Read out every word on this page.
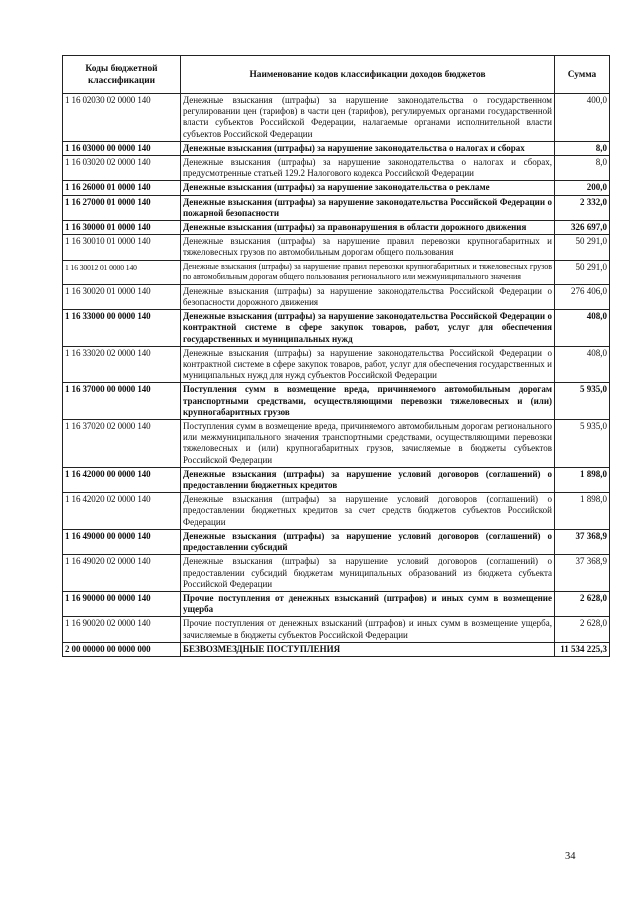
Коды бюджетной классификации	Наименование кодов классификации доходов бюджетов	Сумма
1 16 02030 02 0000 140	Денежные взыскания (штрафы) за нарушение законодательства о государственном регулировании цен (тарифов) в части цен (тарифов), регулируемых органами государственной власти субъектов Российской Федерации, налагаемые органами исполнительной власти субъектов Российской Федерации	400,0
1 16 03000 00 0000 140	Денежные взыскания (штрафы) за нарушение законодательства о налогах и сборах	8,0
1 16 03020 02 0000 140	Денежные взыскания (штрафы) за нарушение законодательства о налогах и сборах, предусмотренные статьей 129.2 Налогового кодекса Российской Федерации	8,0
1 16 26000 01 0000 140	Денежные взыскания (штрафы) за нарушение законодательства о рекламе	200,0
1 16 27000 01 0000 140	Денежные взыскания (штрафы) за нарушение законодательства Российской Федерации о пожарной безопасности	2 332,0
1 16 30000 01 0000 140	Денежные взыскания (штрафы) за правонарушения в области дорожного движения	326 697,0
1 16 30010 01 0000 140	Денежные взыскания (штрафы) за нарушение правил перевозки крупногабаритных и тяжеловесных грузов по автомобильным дорогам общего пользования	50 291,0
1 16 30012 01 0000 140	Денежные взыскания (штрафы) за нарушение правил перевозки крупногабаритных и тяжеловесных грузов по автомобильным дорогам общего пользования регионального или межмуниципального значения	50 291,0
1 16 30020 01 0000 140	Денежные взыскания (штрафы) за нарушение законодательства Российской Федерации о безопасности дорожного движения	276 406,0
1 16 33000 00 0000 140	Денежные взыскания (штрафы) за нарушение законодательства Российской Федерации о контрактной системе в сфере закупок товаров, работ, услуг для обеспечения государственных и муниципальных нужд	408,0
1 16 33020 02 0000 140	Денежные взыскания (штрафы) за нарушение законодательства Российской Федерации о контрактной системе в сфере закупок товаров, работ, услуг для обеспечения государственных и муниципальных нужд для нужд субъектов Российской Федерации	408,0
1 16 37000 00 0000 140	Поступления сумм в возмещение вреда, причиняемого автомобильным дорогам транспортными средствами, осуществляющими перевозки тяжеловесных и (или) крупногабаритных грузов	5 935,0
1 16 37020 02 0000 140	Поступления сумм в возмещение вреда, причиняемого автомобильным дорогам регионального или межмуниципального значения транспортными средствами, осуществляющими перевозки тяжеловесных и (или) крупногабаритных грузов, зачисляемые в бюджеты субъектов Российской Федерации	5 935,0
1 16 42000 00 0000 140	Денежные взыскания (штрафы) за нарушение условий договоров (соглашений) о предоставлении бюджетных кредитов	1 898,0
1 16 42020 02 0000 140	Денежные взыскания (штрафы) за нарушение условий договоров (соглашений) о предоставлении бюджетных кредитов за счет средств бюджетов субъектов Российской Федерации	1 898,0
1 16 49000 00 0000 140	Денежные взыскания (штрафы) за нарушение условий договоров (соглашений) о предоставлении субсидий	37 368,9
1 16 49020 02 0000 140	Денежные взыскания (штрафы) за нарушение условий договоров (соглашений) о предоставлении субсидий бюджетам муниципальных образований из бюджета субъекта Российской Федерации	37 368,9
1 16 90000 00 0000 140	Прочие поступления от денежных взысканий (штрафов) и иных сумм в возмещение ущерба	2 628,0
1 16 90020 02 0000 140	Прочие поступления от денежных взысканий (штрафов) и иных сумм в возмещение ущерба, зачисляемые в бюджеты субъектов Российской Федерации	2 628,0
2 00 00000 00 0000 000	БЕЗВОЗМЕЗДНЫЕ ПОСТУПЛЕНИЯ	11 534 225,3
34
